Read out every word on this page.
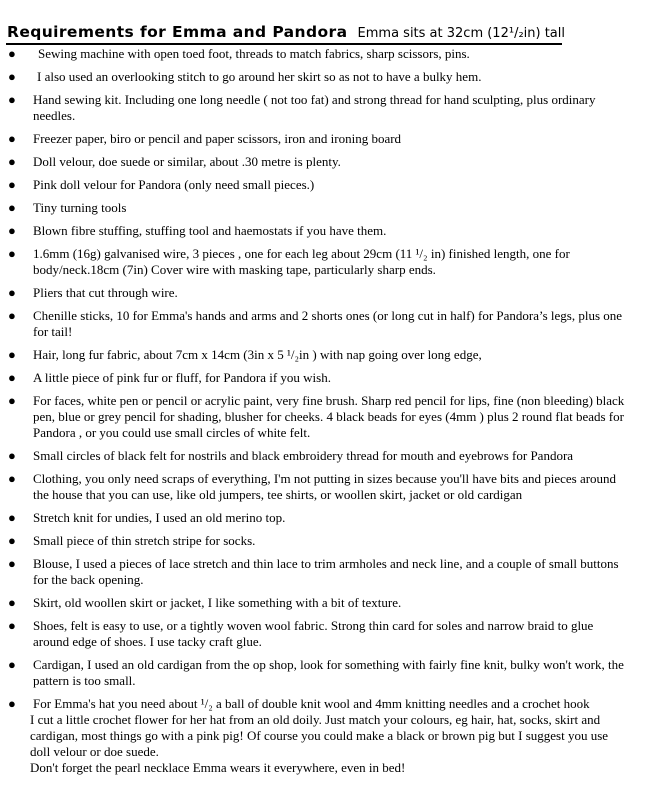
Requirements for Emma and Pandora Emma sits at 32cm (12¹/₂in) tall
●	Sewing machine with open toed foot, threads to match fabrics, sharp scissors, pins.
●	I also used an overlooking stitch to go around her skirt so as not to have a bulky hem.
● Hand sewing kit. Including one long needle ( not too fat) and strong thread for hand sculpting, plus ordinary needles.
● Freezer paper, biro or pencil and paper scissors, iron and ironing board
● Doll velour, doe suede or similar, about .30 metre is plenty.
● Pink doll velour for Pandora (only need small pieces.)
● Tiny turning tools
● Blown fibre stuffing, stuffing tool and haemostats if you have them.
● 1.6mm (16g) galvanised wire, 3 pieces , one for each leg about 29cm (11 ¹/₂ in) finished length, one for body/neck.18cm (7in) Cover wire with masking tape, particularly sharp ends.
● Pliers that cut through wire.
● Chenille sticks, 10 for Emma's hands and arms and 2 shorts ones (or long cut in half) for Pandora’s legs, plus one for tail!
● Hair, long fur fabric, about 7cm x 14cm (3in x 5 ¹/₂in ) with nap going over long edge,
● A little piece of pink fur or fluff, for Pandora if you wish.
● For faces, white pen or pencil or acrylic paint, very fine brush. Sharp red pencil for lips, fine (non bleeding) black pen, blue or grey pencil for shading, blusher for cheeks. 4 black beads for eyes (4mm ) plus 2 round flat beads for Pandora , or you could use small circles of white felt.
● Small circles of black felt for nostrils and black embroidery thread for mouth and eyebrows for Pandora
● Clothing, you only need scraps of everything, I'm not putting in sizes because you'll have bits and pieces around the house that you can use, like old jumpers, tee shirts, or woollen skirt, jacket or old cardigan
● Stretch knit for undies, I used an old merino top.
● Small piece of thin stretch stripe for socks.
● Blouse, I used a pieces of lace stretch and thin lace to trim armholes and neck line, and a couple of small buttons for the back opening.
● Skirt, old woollen skirt or jacket, I like something with a bit of texture.
● Shoes, felt is easy to use, or a tightly woven wool fabric. Strong thin card for soles and narrow braid to glue around edge of shoes. I use tacky craft glue.
● Cardigan, I used an old cardigan from the op shop, look for something with fairly fine knit, bulky won't work, the pattern is too small.
● For Emma's hat you need about ¹/₂ a ball of double knit wool and 4mm knitting needles and a crochet hook
I cut a little crochet flower for her hat from an old doily. Just match your colours, eg hair, hat, socks, skirt and cardigan, most things go with a pink pig! Of course you could make a black or brown pig but I suggest you use doll velour or doe suede.
Don't forget the pearl necklace Emma wears it everywhere, even in bed!
